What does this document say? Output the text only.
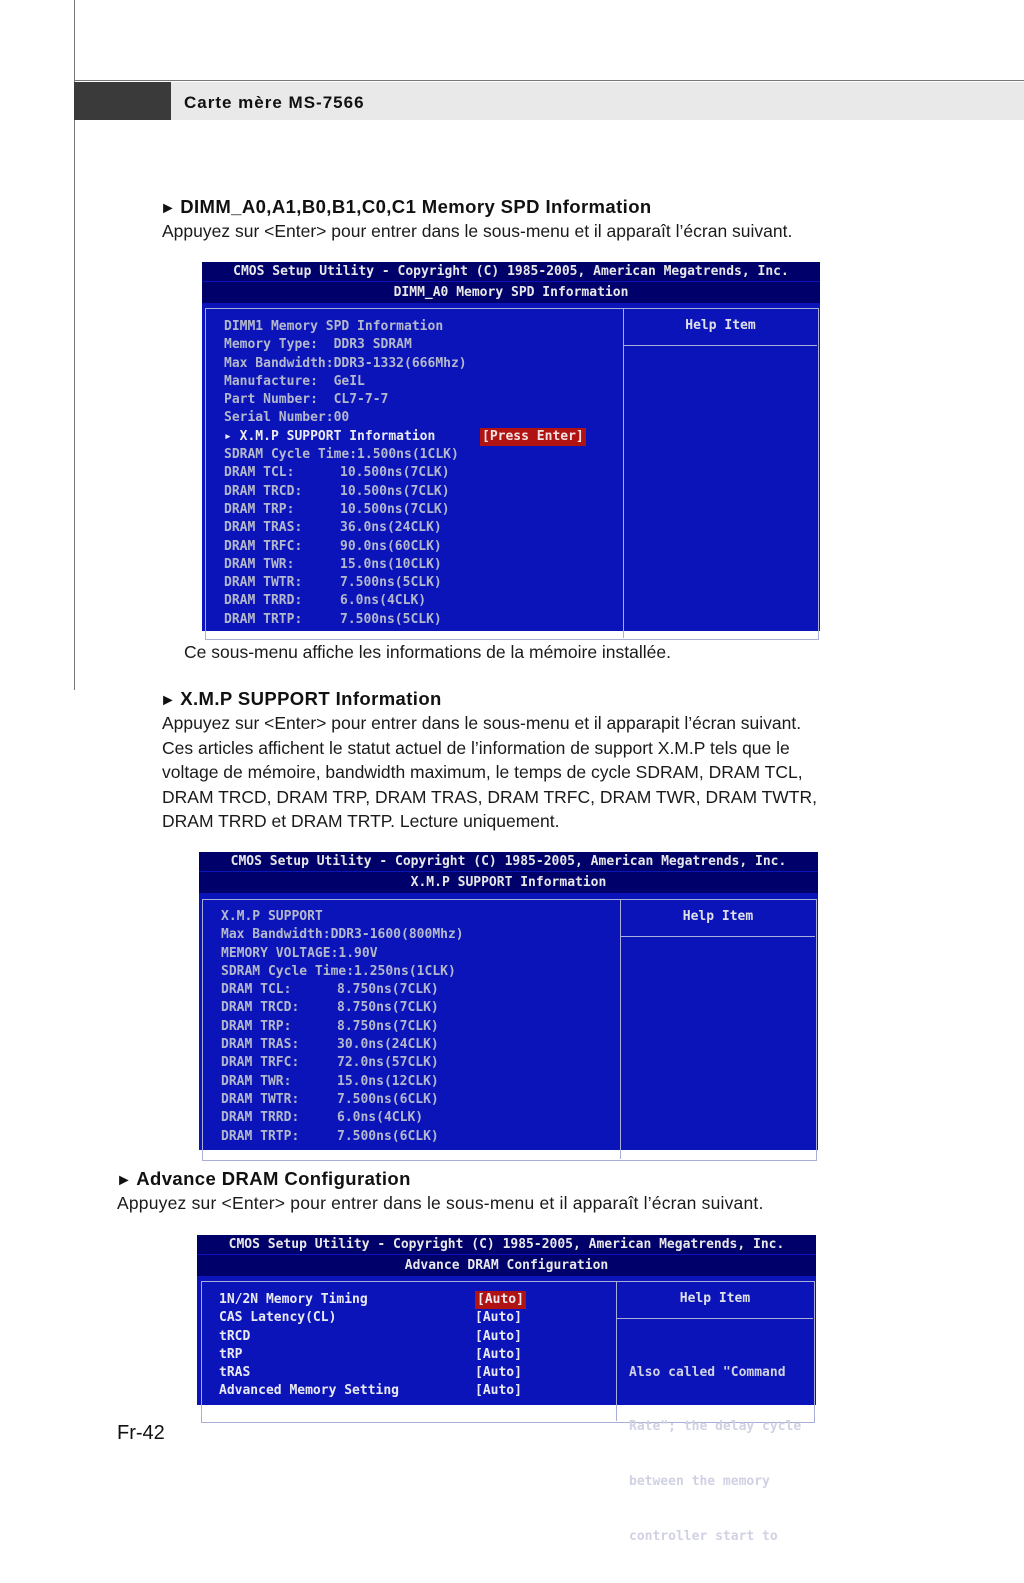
Carte mère MS-7566
► DIMM_A0,A1,B0,B1,C0,C1 Memory SPD Information
Appuyez sur <Enter> pour entrer dans le sous-menu et il apparaît l’écran suivant.
CMOS Setup Utility - Copyright (C) 1985-2005, American Megatrends, Inc.
DIMM_A0 Memory SPD Information
Help Item
DIMM1 Memory SPD Information
Memory Type:  DDR3 SDRAM
Max Bandwidth:DDR3-1332(666Mhz)
Manufacture:  GeIL
Part Number:  CL7-7-7
Serial Number:00
▸ X.M.P SUPPORT Information	[Press Enter]
SDRAM Cycle Time:1.500ns(1CLK)
DRAM TCL:	10.500ns(7CLK)
DRAM TRCD:	10.500ns(7CLK)
DRAM TRP:	10.500ns(7CLK)
DRAM TRAS:	36.0ns(24CLK)
DRAM TRFC:	90.0ns(60CLK)
DRAM TWR:	15.0ns(10CLK)
DRAM TWTR:	7.500ns(5CLK)
DRAM TRRD:	6.0ns(4CLK)
DRAM TRTP:	7.500ns(5CLK)
Ce sous-menu affiche les informations de la mémoire installée.
► X.M.P SUPPORT Information
Appuyez sur <Enter> pour entrer dans le sous-menu et il apparapit l’écran suivant.
Ces articles affichent le statut actuel de l’information de support X.M.P tels que le
voltage de mémoire, bandwidth maximum, le temps de cycle SDRAM, DRAM TCL,
DRAM TRCD, DRAM TRP, DRAM TRAS, DRAM TRFC, DRAM TWR, DRAM TWTR,
DRAM TRRD et DRAM TRTP. Lecture uniquement.
CMOS Setup Utility - Copyright (C) 1985-2005, American Megatrends, Inc.
X.M.P SUPPORT Information
Help Item
X.M.P SUPPORT
Max Bandwidth:DDR3-1600(800Mhz)
MEMORY VOLTAGE:1.90V
SDRAM Cycle Time:1.250ns(1CLK)
DRAM TCL:	8.750ns(7CLK)
DRAM TRCD:	8.750ns(7CLK)
DRAM TRP:	8.750ns(7CLK)
DRAM TRAS:	30.0ns(24CLK)
DRAM TRFC:	72.0ns(57CLK)
DRAM TWR:	15.0ns(12CLK)
DRAM TWTR:	7.500ns(6CLK)
DRAM TRRD:	6.0ns(4CLK)
DRAM TRTP:	7.500ns(6CLK)
► Advance DRAM Configuration
Appuyez sur <Enter> pour entrer dans le sous-menu et il apparaît l’écran suivant.
CMOS Setup Utility - Copyright (C) 1985-2005, American Megatrends, Inc.
Advance DRAM Configuration
Help Item

Also called "Command

Rate"; the delay cycle

between the memory

controller start to

1N/2N Memory Timing	[Auto]
CAS Latency(CL)	[Auto]
tRCD	[Auto]
tRP	[Auto]
tRAS	[Auto]
Advanced Memory Setting	[Auto]
Fr-42
